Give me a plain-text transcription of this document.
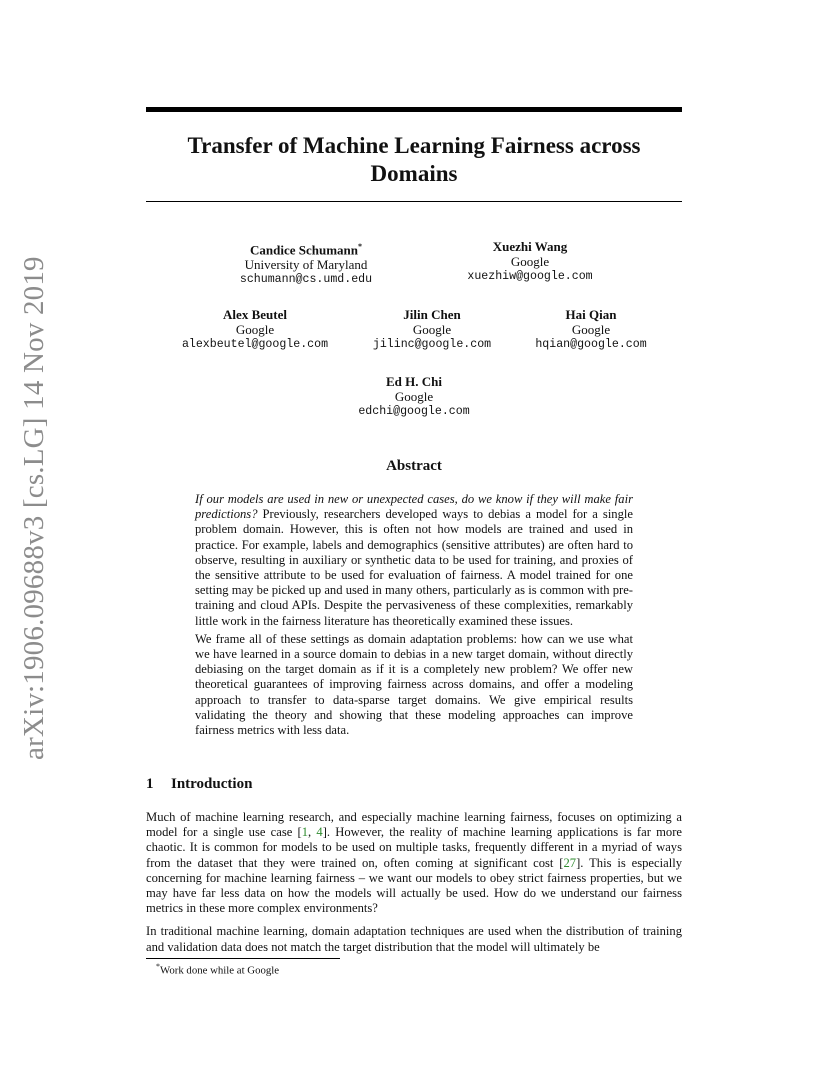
arXiv:1906.09688v3 [cs.LG] 14 Nov 2019
Transfer of Machine Learning Fairness across Domains
Candice Schumann*
University of Maryland
schumann@cs.umd.edu
Xuezhi Wang
Google
xuezhiw@google.com
Alex Beutel
Google
alexbeutel@google.com
Jilin Chen
Google
jilinc@google.com
Hai Qian
Google
hqian@google.com
Ed H. Chi
Google
edchi@google.com
Abstract

If our models are used in new or unexpected cases, do we know if they will make fair predictions? Previously, researchers developed ways to debias a model for a single problem domain. However, this is often not how models are trained and used in practice. For example, labels and demographics (sensitive attributes) are often hard to observe, resulting in auxiliary or synthetic data to be used for training, and proxies of the sensitive attribute to be used for evaluation of fairness. A model trained for one setting may be picked up and used in many others, particularly as is common with pre-training and cloud APIs. Despite the pervasiveness of these complexities, remarkably little work in the fairness literature has theoretically examined these issues.

We frame all of these settings as domain adaptation problems: how can we use what we have learned in a source domain to debias in a new target domain, without directly debiasing on the target domain as if it is a completely new problem? We offer new theoretical guarantees of improving fairness across domains, and offer a modeling approach to transfer to data-sparse target domains. We give empirical results validating the theory and showing that these modeling approaches can improve fairness metrics with less data.

1 Introduction

Much of machine learning research, and especially machine learning fairness, focuses on optimizing a model for a single use case [1, 4]. However, the reality of machine learning applications is far more chaotic. It is common for models to be used on multiple tasks, frequently different in a myriad of ways from the dataset that they were trained on, often coming at significant cost [27]. This is especially concerning for machine learning fairness – we want our models to obey strict fairness properties, but we may have far less data on how the models will actually be used. How do we understand our fairness metrics in these more complex environments?

In traditional machine learning, domain adaptation techniques are used when the distribution of training and validation data does not match the target distribution that the model will ultimately be

*Work done while at Google
